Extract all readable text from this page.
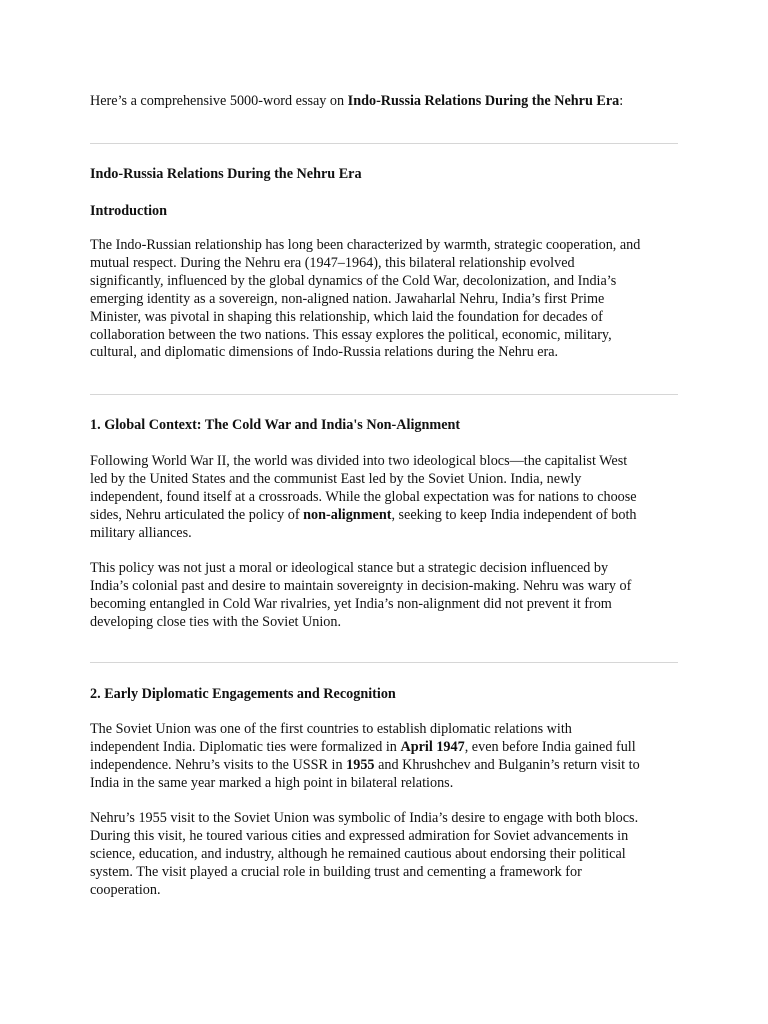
Here’s a comprehensive 5000-word essay on Indo-Russia Relations During the Nehru Era:

Indo-Russia Relations During the Nehru Era
Introduction

The Indo-Russian relationship has long been characterized by warmth, strategic cooperation, and
mutual respect. During the Nehru era (1947–1964), this bilateral relationship evolved
significantly, influenced by the global dynamics of the Cold War, decolonization, and India’s
emerging identity as a sovereign, non-aligned nation. Jawaharlal Nehru, India’s first Prime
Minister, was pivotal in shaping this relationship, which laid the foundation for decades of
collaboration between the two nations. This essay explores the political, economic, military,
cultural, and diplomatic dimensions of Indo-Russia relations during the Nehru era.

1. Global Context: The Cold War and India's Non-Alignment

Following World War II, the world was divided into two ideological blocs—the capitalist West
led by the United States and the communist East led by the Soviet Union. India, newly
independent, found itself at a crossroads. While the global expectation was for nations to choose
sides, Nehru articulated the policy of non-alignment, seeking to keep India independent of both
military alliances.

This policy was not just a moral or ideological stance but a strategic decision influenced by
India’s colonial past and desire to maintain sovereignty in decision-making. Nehru was wary of
becoming entangled in Cold War rivalries, yet India’s non-alignment did not prevent it from
developing close ties with the Soviet Union.

2. Early Diplomatic Engagements and Recognition

The Soviet Union was one of the first countries to establish diplomatic relations with
independent India. Diplomatic ties were formalized in April 1947, even before India gained full
independence. Nehru’s visits to the USSR in 1955 and Khrushchev and Bulganin’s return visit to
India in the same year marked a high point in bilateral relations.

Nehru’s 1955 visit to the Soviet Union was symbolic of India’s desire to engage with both blocs.
During this visit, he toured various cities and expressed admiration for Soviet advancements in
science, education, and industry, although he remained cautious about endorsing their political
system. The visit played a crucial role in building trust and cementing a framework for
cooperation.
